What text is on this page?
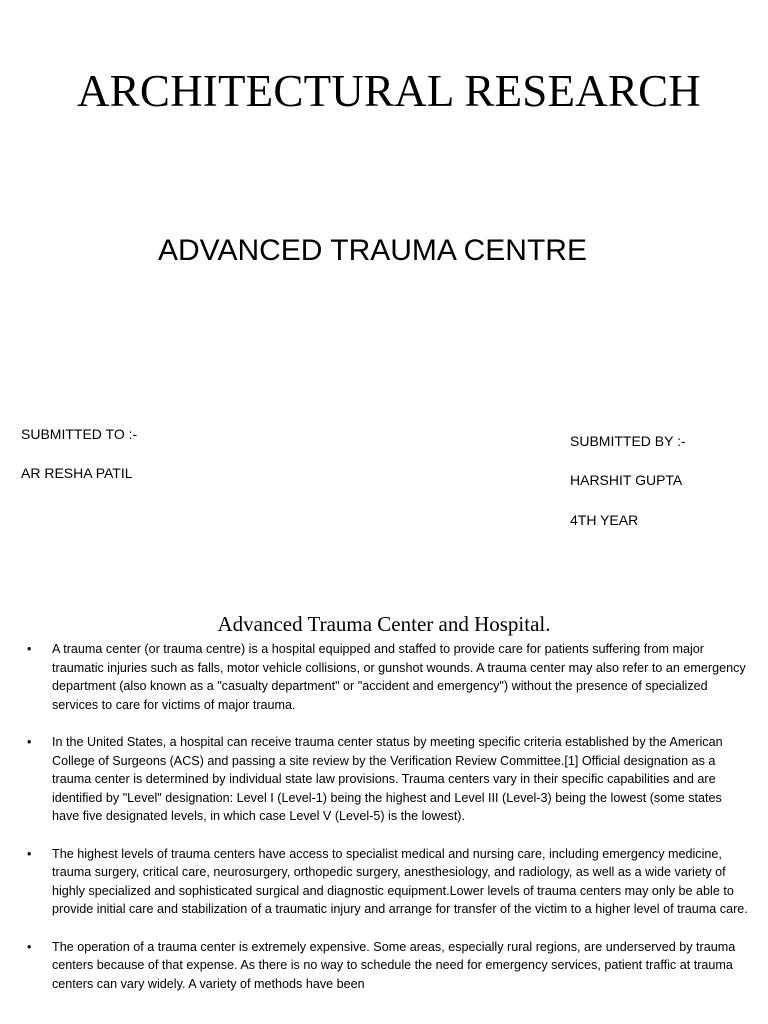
ARCHITECTURAL RESEARCH
ADVANCED TRAUMA CENTRE
SUBMITTED TO :-
AR RESHA PATIL
SUBMITTED BY :-
HARSHIT GUPTA
4TH YEAR
Advanced Trauma Center and Hospital.
• A trauma center (or trauma centre) is a hospital equipped and staffed to provide care for patients suffering from major traumatic injuries such as falls, motor vehicle collisions, or gunshot wounds. A trauma center may also refer to an emergency department (also known as a "casualty department" or "accident and emergency") without the presence of specialized services to care for victims of major trauma.
• In the United States, a hospital can receive trauma center status by meeting specific criteria established by the American College of Surgeons (ACS) and passing a site review by the Verification Review Committee.[1] Official designation as a trauma center is determined by individual state law provisions. Trauma centers vary in their specific capabilities and are identified by "Level" designation: Level I (Level-1) being the highest and Level III (Level-3) being the lowest (some states have five designated levels, in which case Level V (Level-5) is the lowest).
• The highest levels of trauma centers have access to specialist medical and nursing care, including emergency medicine, trauma surgery, critical care, neurosurgery, orthopedic surgery, anesthesiology, and radiology, as well as a wide variety of highly specialized and sophisticated surgical and diagnostic equipment.Lower levels of trauma centers may only be able to provide initial care and stabilization of a traumatic injury and arrange for transfer of the victim to a higher level of trauma care.
• The operation of a trauma center is extremely expensive. Some areas, especially rural regions, are underserved by trauma centers because of that expense. As there is no way to schedule the need for emergency services, patient traffic at trauma centers can vary widely. A variety of methods have been
